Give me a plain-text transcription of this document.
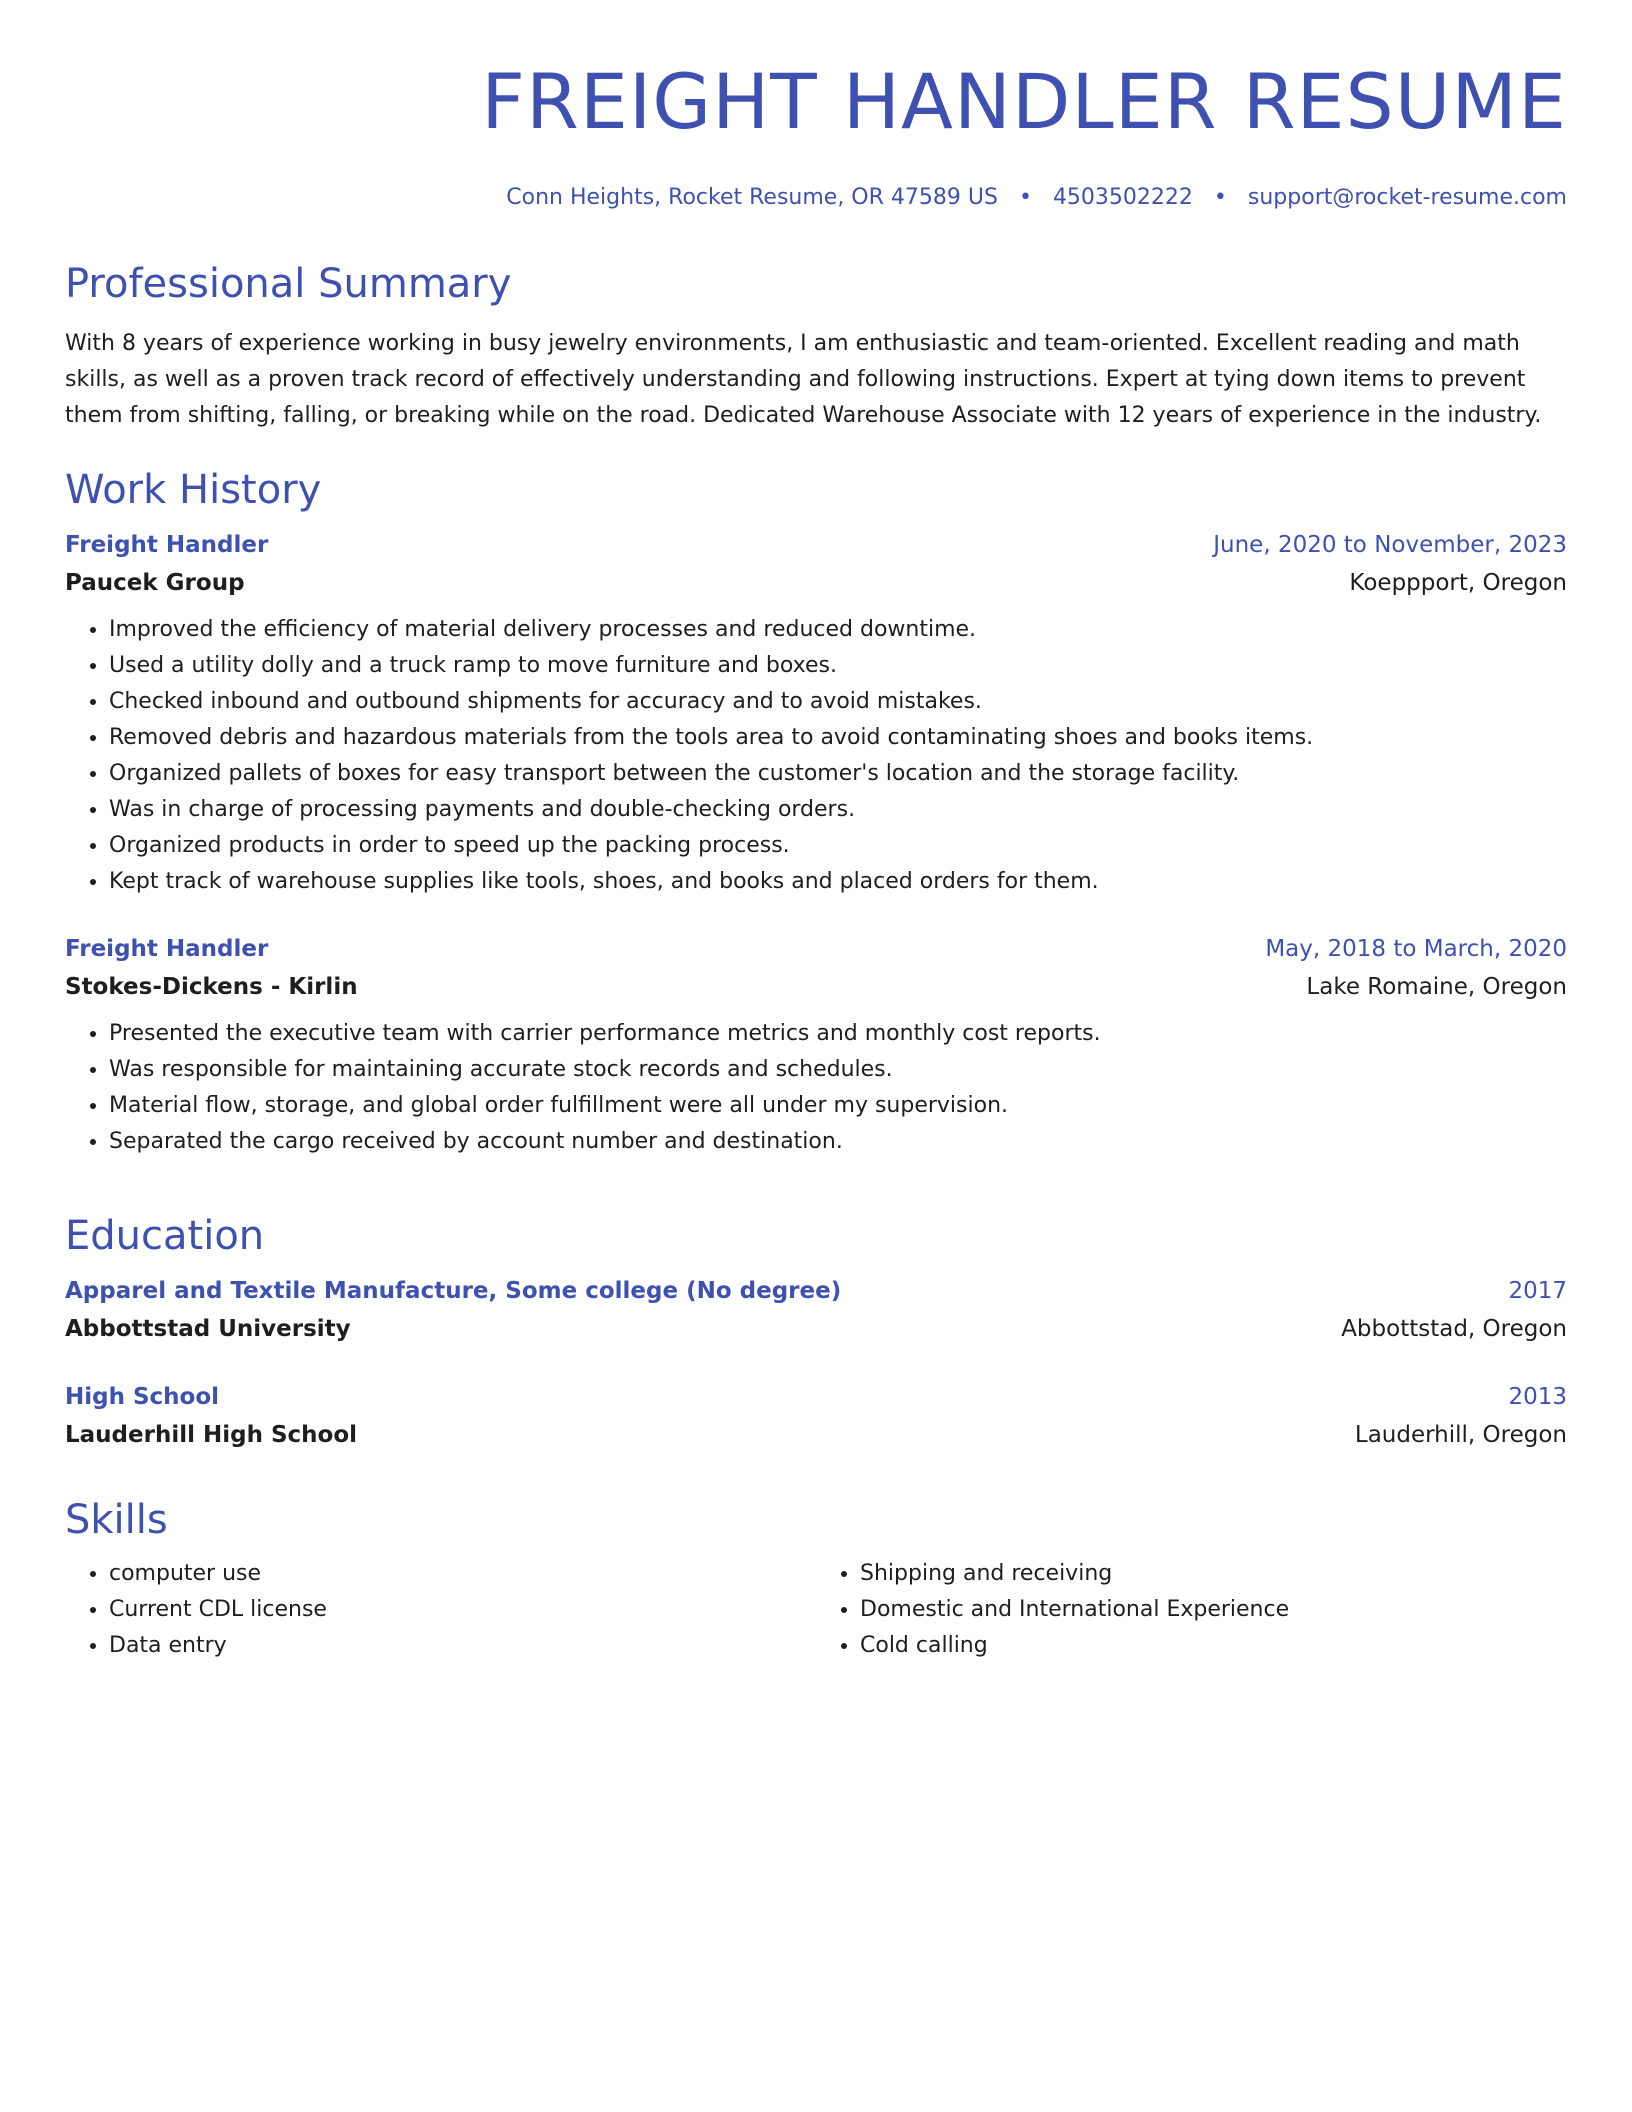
FREIGHT HANDLER RESUME
Conn Heights, Rocket Resume, OR 47589 US • 4503502222 • support@rocket-resume.com
Professional Summary

With 8 years of experience working in busy jewelry environments, I am enthusiastic and team-oriented. Excellent reading and math skills, as well as a proven track record of effectively understanding and following instructions. Expert at tying down items to prevent them from shifting, falling, or breaking while on the road. Dedicated Warehouse Associate with 12 years of experience in the industry.

Work History
Freight Handler	June, 2020 to November, 2023
Paucek Group	Koeppport, Oregon
• Improved the efficiency of material delivery processes and reduced downtime.
• Used a utility dolly and a truck ramp to move furniture and boxes.
• Checked inbound and outbound shipments for accuracy and to avoid mistakes.
• Removed debris and hazardous materials from the tools area to avoid contaminating shoes and books items.
• Organized pallets of boxes for easy transport between the customer's location and the storage facility.
• Was in charge of processing payments and double-checking orders.
• Organized products in order to speed up the packing process.
• Kept track of warehouse supplies like tools, shoes, and books and placed orders for them.
Freight Handler	May, 2018 to March, 2020
Stokes-Dickens - Kirlin	Lake Romaine, Oregon
• Presented the executive team with carrier performance metrics and monthly cost reports.
• Was responsible for maintaining accurate stock records and schedules.
• Material flow, storage, and global order fulfillment were all under my supervision.
• Separated the cargo received by account number and destination.
Education
Apparel and Textile Manufacture, Some college (No degree)	2017
Abbottstad University	Abbottstad, Oregon
High School	2013
Lauderhill High School	Lauderhill, Oregon
Skills
• computer use
• Current CDL license
• Data entry
• Shipping and receiving
• Domestic and International Experience
• Cold calling
